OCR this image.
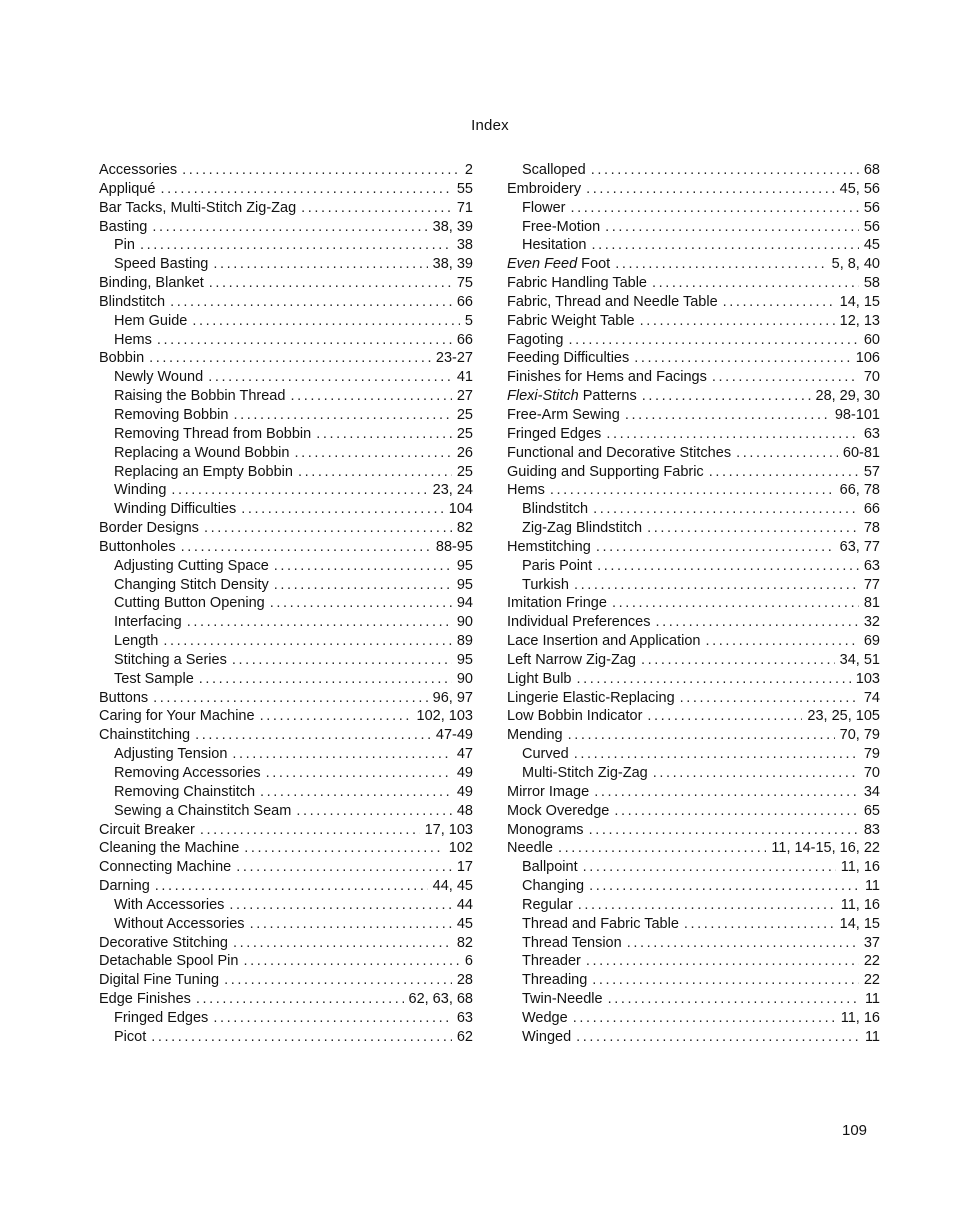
Index
Accessories .....	2
Appliqué .....	55
Bar Tacks, Multi-Stitch Zig-Zag .....	71
Basting .....	38, 39
Pin .....	38
Speed Basting .....	38, 39
Binding, Blanket .....	75
Blindstitch .....	66
Hem Guide .....	5
Hems .....	66
Bobbin .....	23-27
Newly Wound .....	41
Raising the Bobbin Thread .....	27
Removing Bobbin .....	25
Removing Thread from Bobbin .....	25
Replacing a Wound Bobbin .....	26
Replacing an Empty Bobbin .....	25
Winding .....	23, 24
Winding Difficulties .....	104
Border Designs .....	82
Buttonholes .....	88-95
Adjusting Cutting Space .....	95
Changing Stitch Density .....	95
Cutting Button Opening .....	94
Interfacing .....	90
Length .....	89
Stitching a Series .....	95
Test Sample .....	90
Buttons .....	96, 97
Caring for Your Machine .....	102, 103
Chainstitching .....	47-49
Adjusting Tension .....	47
Removing Accessories .....	49
Removing Chainstitch .....	49
Sewing a Chainstitch Seam .....	48
Circuit Breaker .....	17, 103
Cleaning the Machine .....	102
Connecting Machine .....	17
Darning .....	44, 45
With Accessories .....	44
Without Accessories .....	45
Decorative Stitching .....	82
Detachable Spool Pin .....	6
Digital Fine Tuning .....	28
Edge Finishes .....	62, 63, 68
Fringed Edges .....	63
Picot .....	62
Scalloped .....	68
Embroidery .....	45, 56
Flower .....	56
Free-Motion .....	56
Hesitation .....	45
Even Feed Foot .....	5, 8, 40
Fabric Handling Table .....	58
Fabric, Thread and Needle Table .....	14, 15
Fabric Weight Table .....	12, 13
Fagoting .....	60
Feeding Difficulties .....	106
Finishes for Hems and Facings .....	70
Flexi-Stitch Patterns .....	28, 29, 30
Free-Arm Sewing .....	98-101
Fringed Edges .....	63
Functional and Decorative Stitches .....	60-81
Guiding and Supporting Fabric .....	57
Hems .....	66, 78
Blindstitch .....	66
Zig-Zag Blindstitch .....	78
Hemstitching .....	63, 77
Paris Point .....	63
Turkish .....	77
Imitation Fringe .....	81
Individual Preferences .....	32
Lace Insertion and Application .....	69
Left Narrow Zig-Zag .....	34, 51
Light Bulb .....	103
Lingerie Elastic-Replacing .....	74
Low Bobbin Indicator .....	23, 25, 105
Mending .....	70, 79
Curved .....	79
Multi-Stitch Zig-Zag .....	70
Mirror Image .....	34
Mock Overedge .....	65
Monograms .....	83
Needle .....	11, 14-15, 16, 22
Ballpoint .....	11, 16
Changing .....	11
Regular .....	11, 16
Thread and Fabric Table .....	14, 15
Thread Tension .....	37
Threader .....	22
Threading .....	22
Twin-Needle .....	11
Wedge .....	11, 16
Winged .....	11
109
